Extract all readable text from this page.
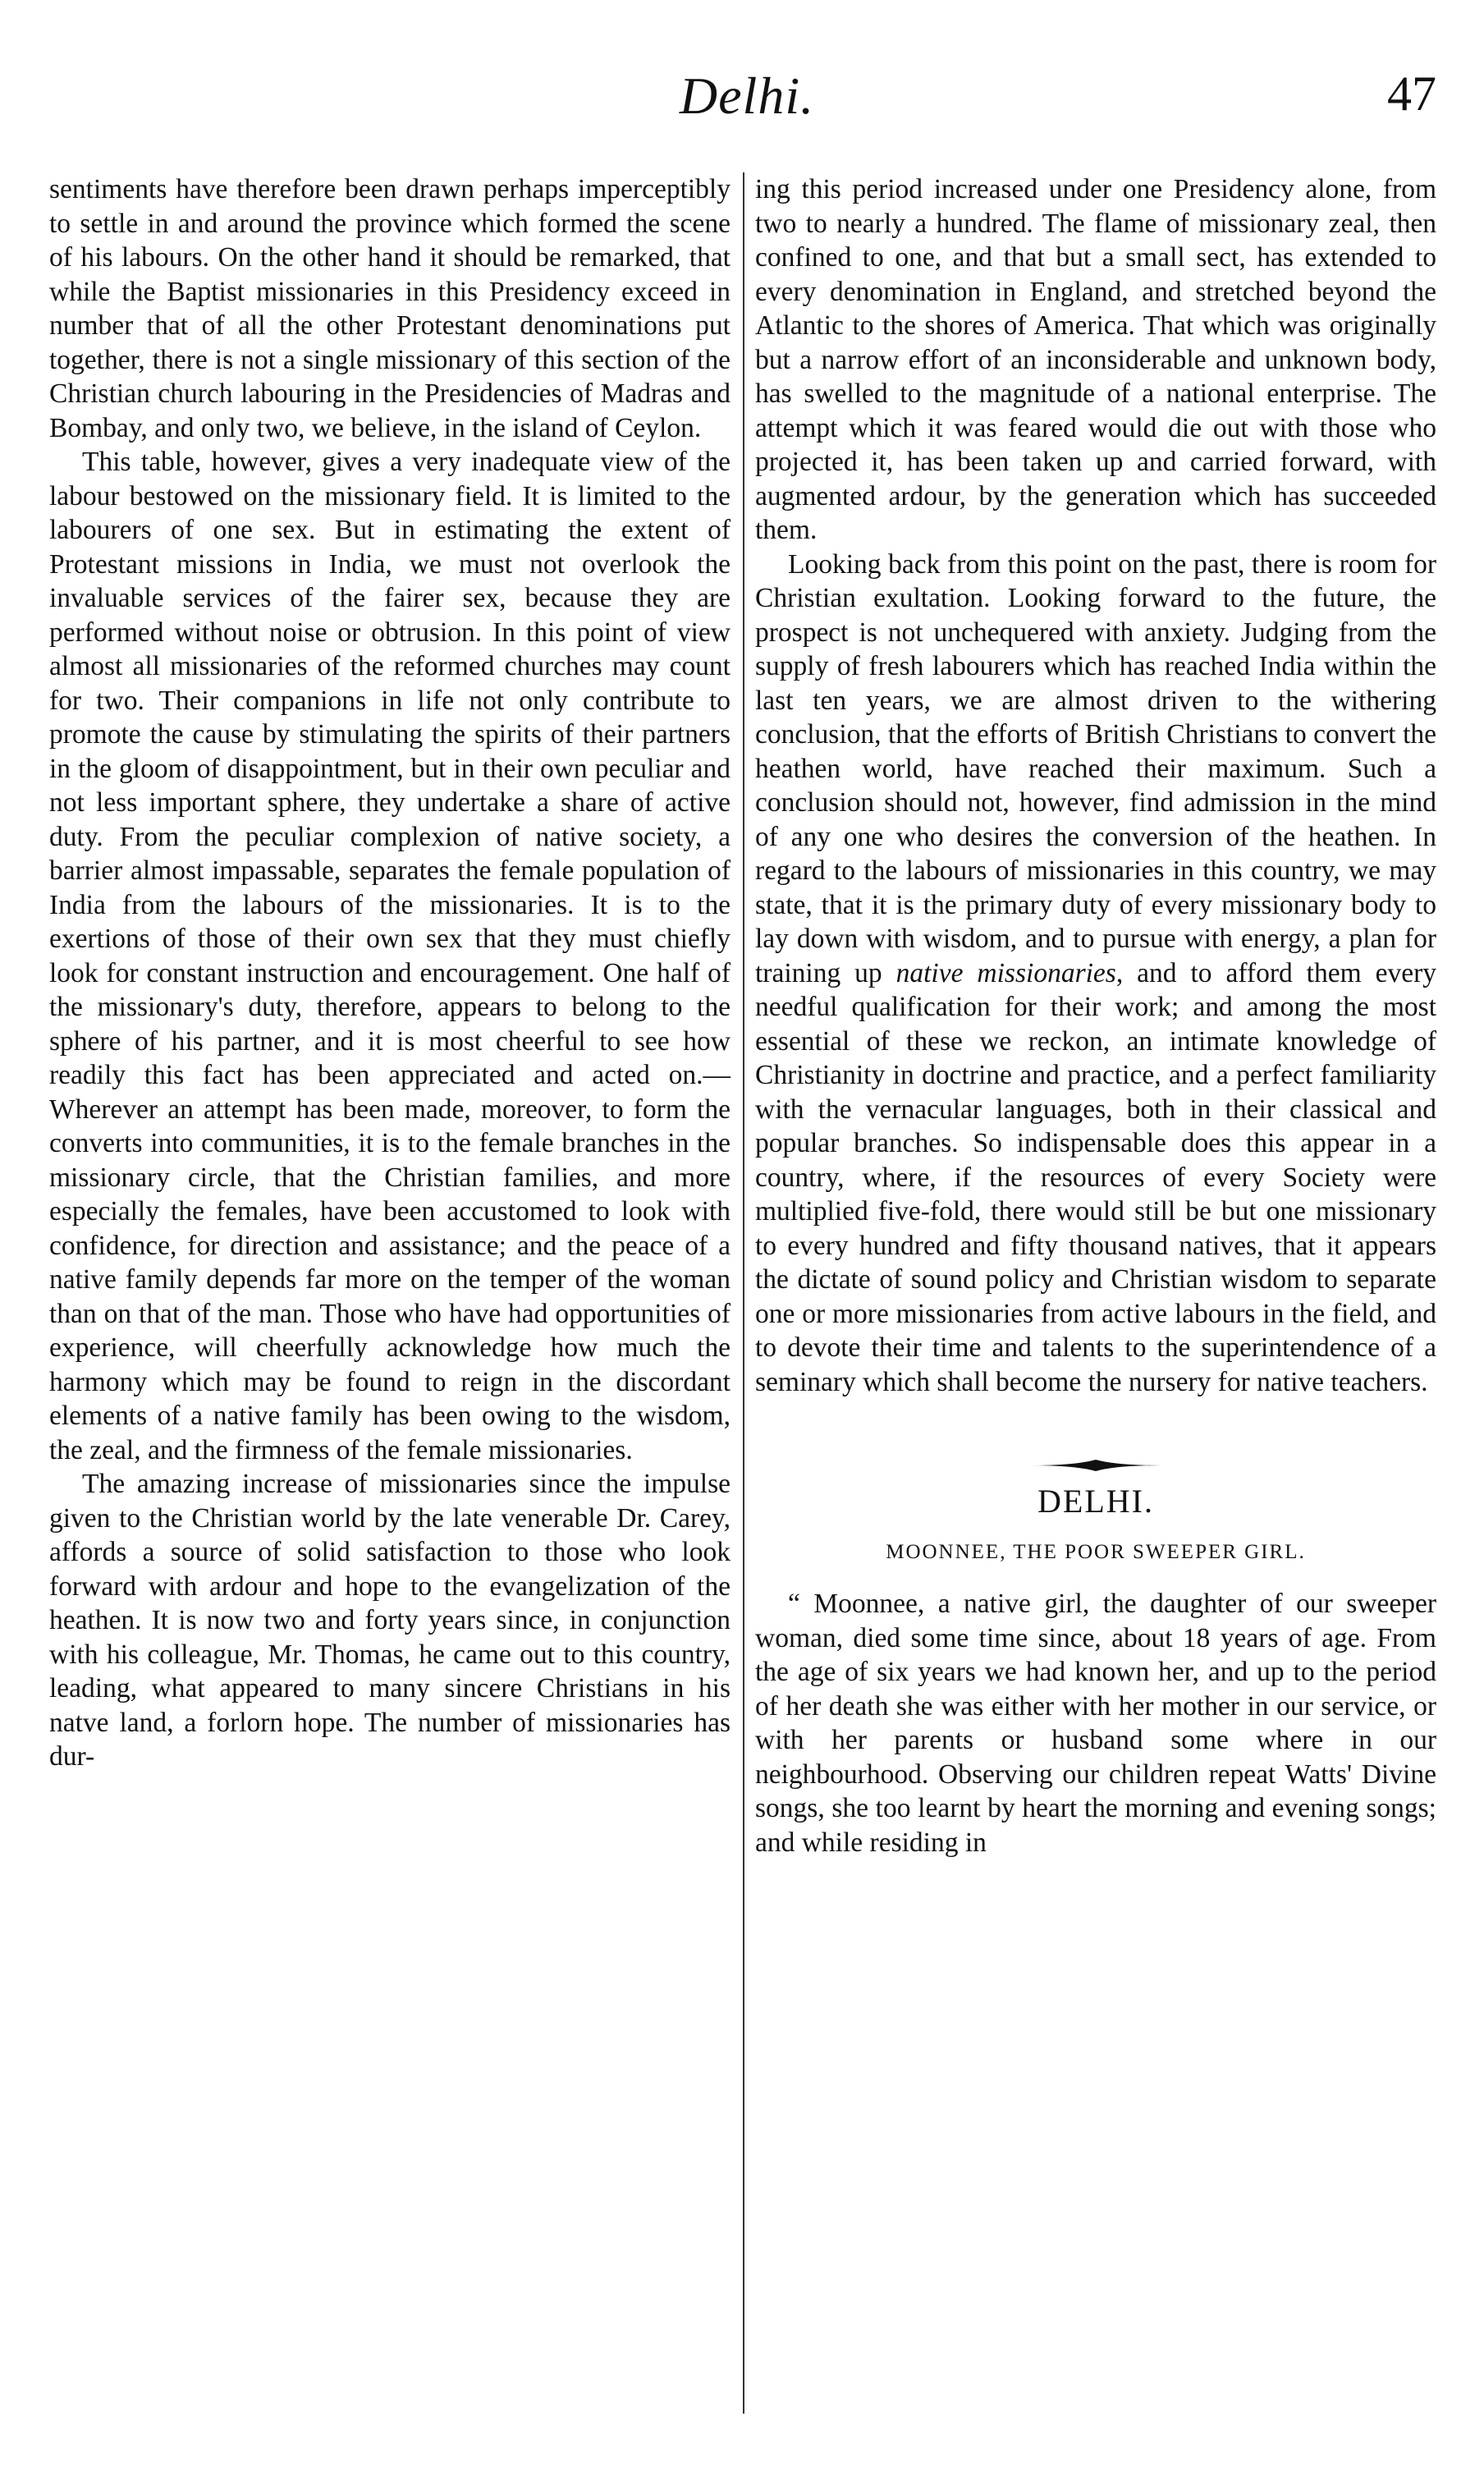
Delhi.	47

sentiments have therefore been drawn perhaps imperceptibly to settle in and around the province which formed the scene of his labours. On the other hand it should be remarked, that while the Baptist missionaries in this Presidency exceed in number that of all the other Protestant denominations put together, there is not a single missionary of this section of the Christian church labouring in the Presidencies of Madras and Bombay, and only two, we believe, in the island of Ceylon.

This table, however, gives a very inadequate view of the labour bestowed on the missionary field. It is limited to the labourers of one sex. But in estimating the extent of Protestant missions in India, we must not overlook the invaluable services of the fairer sex, because they are performed without noise or obtrusion. In this point of view almost all missionaries of the reformed churches may count for two. Their companions in life not only contribute to promote the cause by stimulating the spirits of their partners in the gloom of disappointment, but in their own peculiar and not less important sphere, they undertake a share of active duty. From the peculiar complexion of native society, a barrier almost impassable, separates the female population of India from the labours of the missionaries. It is to the exertions of those of their own sex that they must chiefly look for constant instruction and encouragement. One half of the missionary's duty, therefore, appears to belong to the sphere of his partner, and it is most cheerful to see how readily this fact has been appreciated and acted on.— Wherever an attempt has been made, moreover, to form the converts into communities, it is to the female branches in the missionary circle, that the Christian families, and more especially the females, have been accustomed to look with confidence, for direction and assistance; and the peace of a native family depends far more on the temper of the woman than on that of the man. Those who have had opportunities of experience, will cheerfully acknowledge how much the harmony which may be found to reign in the discordant elements of a native family has been owing to the wisdom, the zeal, and the firmness of the female missionaries.

The amazing increase of missionaries since the impulse given to the Christian world by the late venerable Dr. Carey, affords a source of solid satisfaction to those who look forward with ardour and hope to the evangelization of the heathen. It is now two and forty years since, in conjunction with his colleague, Mr. Thomas, he came out to this country, leading, what appeared to many sincere Christians in his natve land, a forlorn hope. The number of missionaries has dur-

ing this period increased under one Presidency alone, from two to nearly a hundred. The flame of missionary zeal, then confined to one, and that but a small sect, has extended to every denomination in England, and stretched beyond the Atlantic to the shores of America. That which was originally but a narrow effort of an inconsiderable and unknown body, has swelled to the magnitude of a national enterprise. The attempt which it was feared would die out with those who projected it, has been taken up and carried forward, with augmented ardour, by the generation which has succeeded them.

Looking back from this point on the past, there is room for Christian exultation. Looking forward to the future, the prospect is not unchequered with anxiety. Judging from the supply of fresh labourers which has reached India within the last ten years, we are almost driven to the withering conclusion, that the efforts of British Christians to convert the heathen world, have reached their maximum. Such a conclusion should not, however, find admission in the mind of any one who desires the conversion of the heathen. In regard to the labours of missionaries in this country, we may state, that it is the primary duty of every missionary body to lay down with wisdom, and to pursue with energy, a plan for training up native missionaries, and to afford them every needful qualification for their work; and among the most essential of these we reckon, an intimate knowledge of Christianity in doctrine and practice, and a perfect familiarity with the vernacular languages, both in their classical and popular branches. So indispensable does this appear in a country, where, if the resources of every Society were multiplied five-fold, there would still be but one missionary to every hundred and fifty thousand natives, that it appears the dictate of sound policy and Christian wisdom to separate one or more missionaries from active labours in the field, and to devote their time and talents to the superintendence of a seminary which shall become the nursery for native teachers.

DELHI.
MOONNEE, THE POOR SWEEPER GIRL.

“ Moonnee, a native girl, the daughter of our sweeper woman, died some time since, about 18 years of age. From the age of six years we had known her, and up to the period of her death she was either with her mother in our service, or with her parents or husband some where in our neighbourhood. Observing our children repeat Watts' Divine songs, she too learnt by heart the morning and evening songs; and while residing in
